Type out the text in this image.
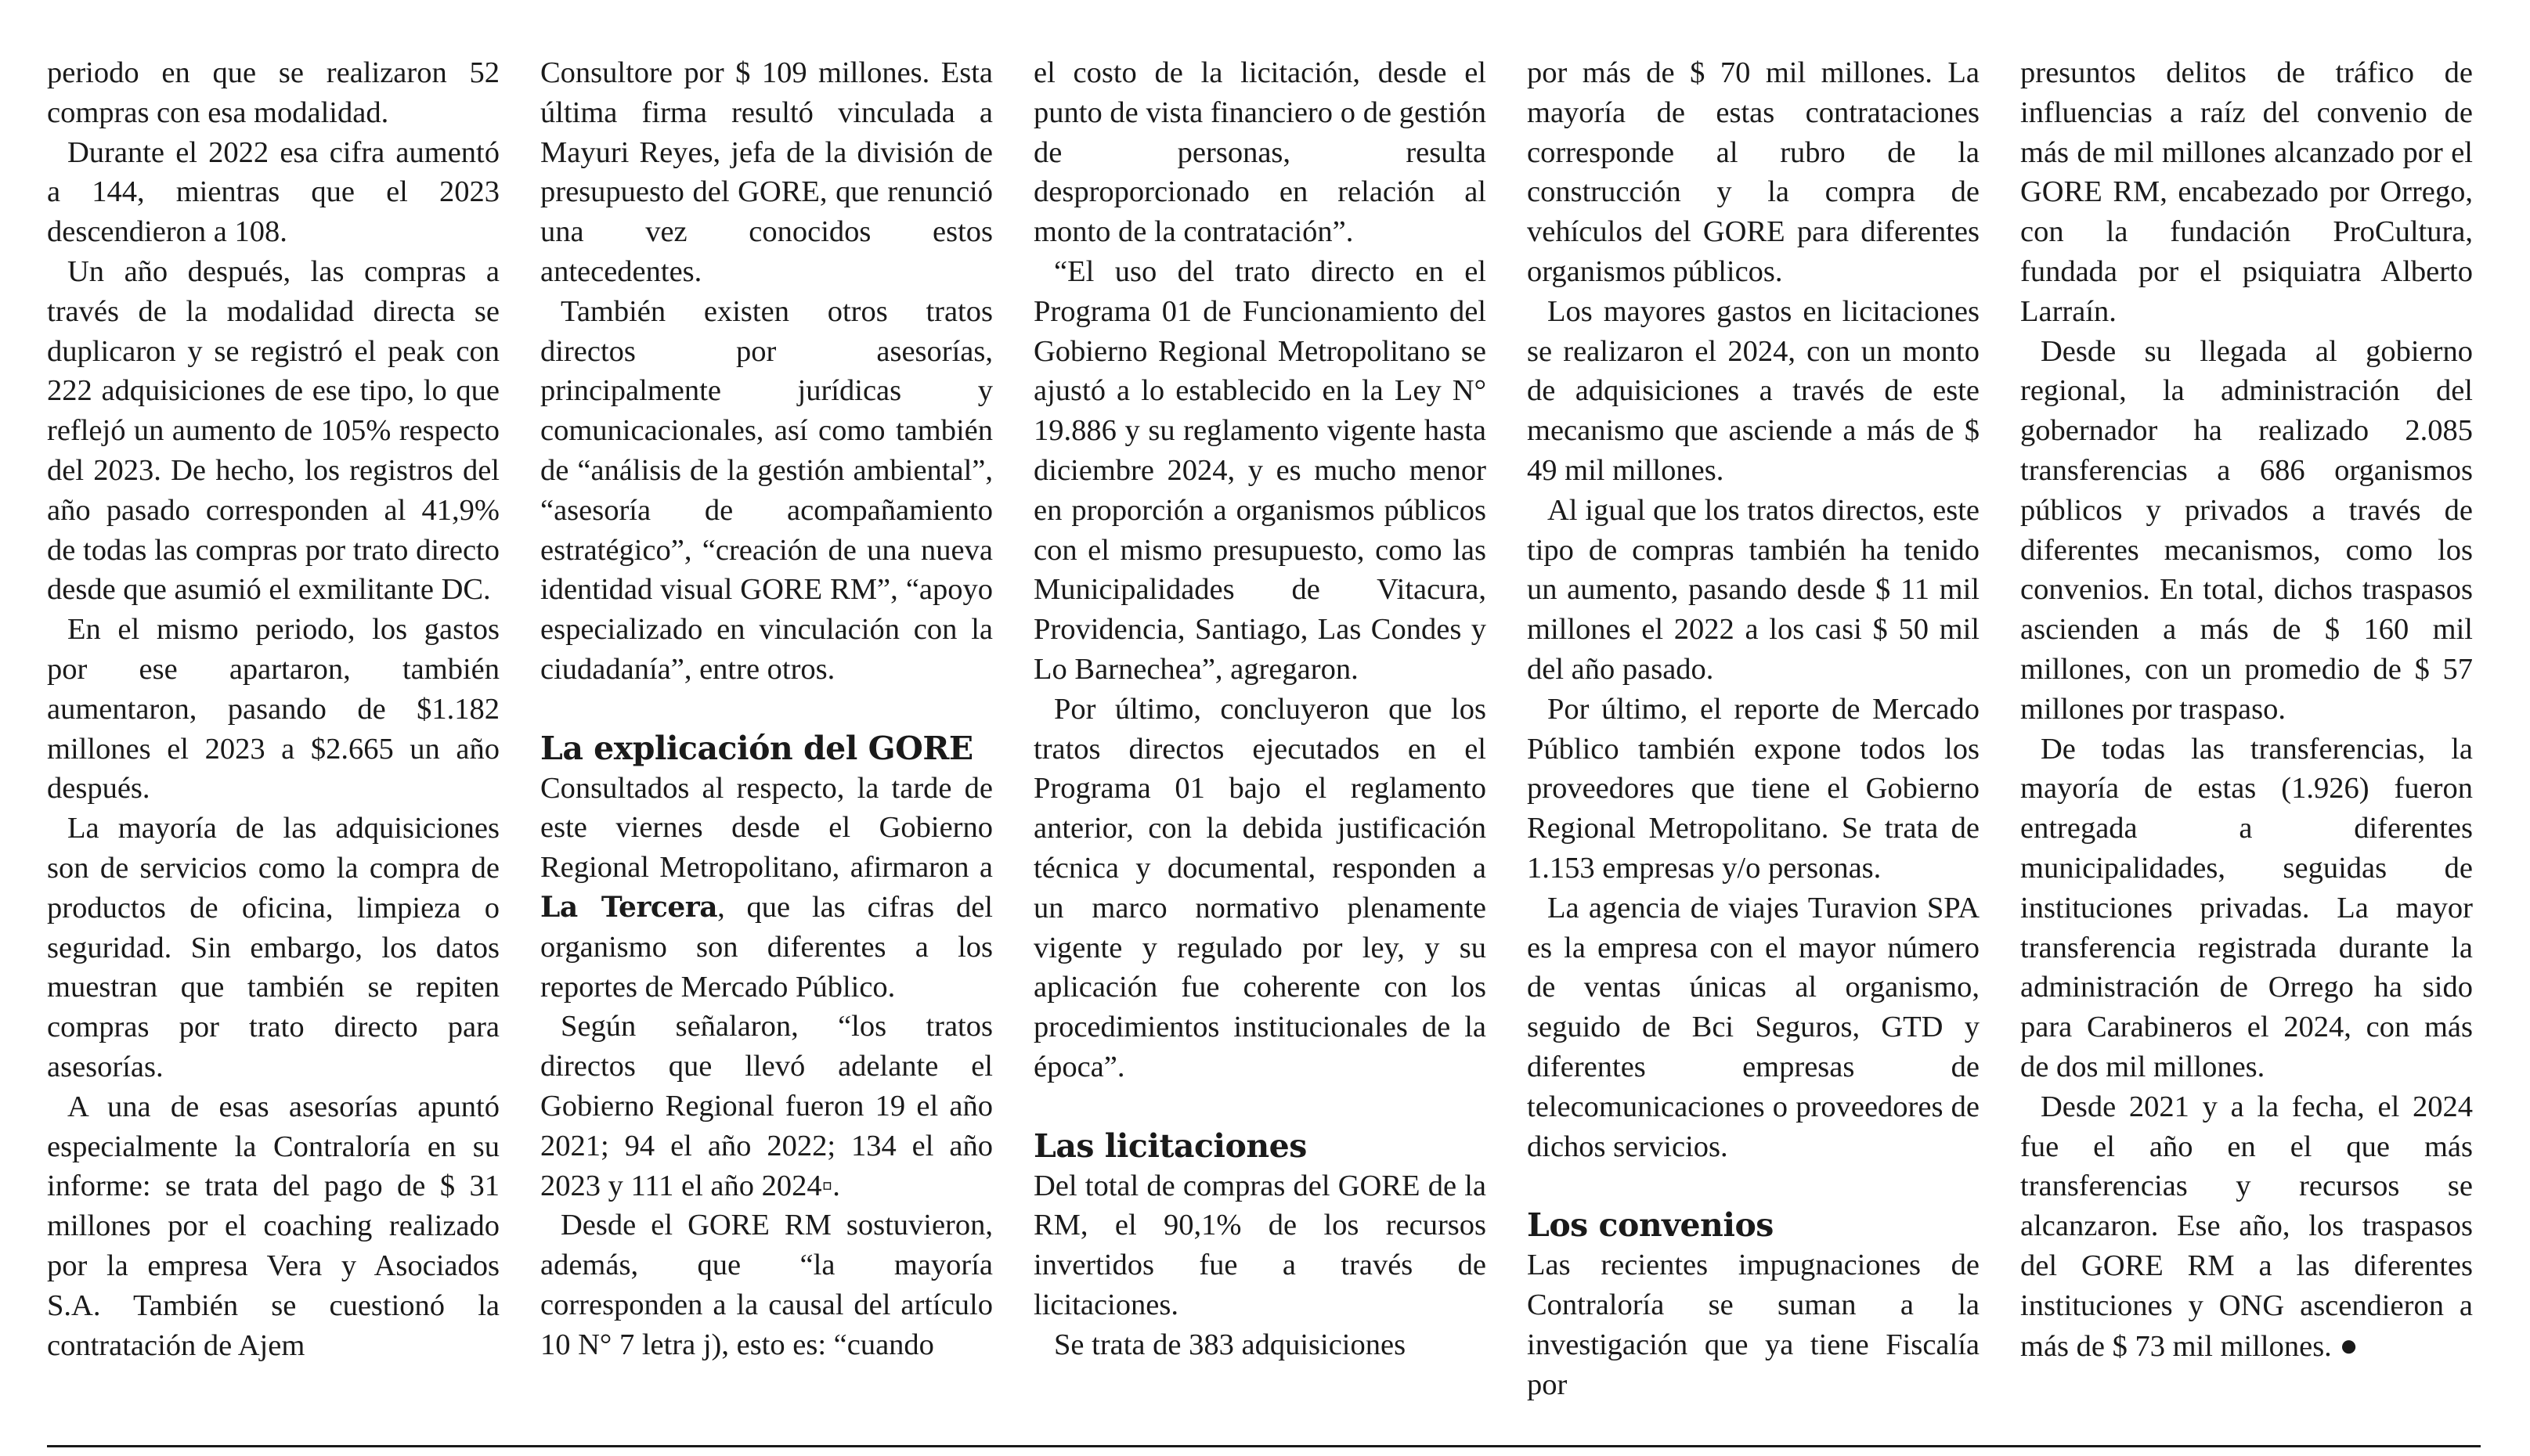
periodo en que se realizaron 52 compras con esa modalidad.

Durante el 2022 esa cifra aumentó a 144, mientras que el 2023 descendieron a 108.

Un año después, las compras a través de la modalidad directa se duplicaron y se registró el peak con 222 adquisiciones de ese tipo, lo que reflejó un aumento de 105% respecto del 2023. De hecho, los registros del año pasado corresponden al 41,9% de todas las compras por trato directo desde que asumió el exmilitante DC.

En el mismo periodo, los gastos por ese apartaron, también aumentaron, pasando de $1.182 millones el 2023 a $2.665 un año después.

La mayoría de las adquisiciones son de servicios como la compra de productos de oficina, limpieza o seguridad. Sin embargo, los datos muestran que también se repiten compras por trato directo para asesorías.

A una de esas asesorías apuntó especialmente la Contraloría en su informe: se trata del pago de $ 31 millones por el coaching realizado por la empresa Vera y Asociados S.A. También se cuestionó la contratación de Ajem

Consultore por $ 109 millones. Esta última firma resultó vinculada a Mayuri Reyes, jefa de la división de presupuesto del GORE, que renunció una vez conocidos estos antecedentes.

También existen otros tratos directos por asesorías, principalmente jurídicas y comunicacionales, así como también de “análisis de la gestión ambiental”, “asesoría de acompañamiento estratégico”, “creación de una nueva identidad visual GORE RM”, “apoyo especializado en vinculación con la ciudadanía”, entre otros.

La explicación del GORE

Consultados al respecto, la tarde de este viernes desde el Gobierno Regional Metropolitano, afirmaron a La Tercera, que las cifras del organismo son diferentes a los reportes de Mercado Público.

Según señalaron, “los tratos directos que llevó adelante el Gobierno Regional fueron 19 el año 2021; 94 el año 2022; 134 el año 2023 y 111 el año 2024▫.

Desde el GORE RM sostuvieron, además, que “la mayoría corresponden a la causal del artículo 10 N° 7 letra j), esto es: “cuando

el costo de la licitación, desde el punto de vista financiero o de gestión de personas, resulta desproporcionado en relación al monto de la contratación”.

“El uso del trato directo en el Programa 01 de Funcionamiento del Gobierno Regional Metropolitano se ajustó a lo establecido en la Ley N° 19.886 y su reglamento vigente hasta diciembre 2024, y es mucho menor en proporción a organismos públicos con el mismo presupuesto, como las Municipalidades de Vitacura, Providencia, Santiago, Las Condes y Lo Barnechea”, agregaron.

Por último, concluyeron que los tratos directos ejecutados en el Programa 01 bajo el reglamento anterior, con la debida justificación técnica y documental, responden a un marco normativo plenamente vigente y regulado por ley, y su aplicación fue coherente con los procedimientos institucionales de la época”.

Las licitaciones

Del total de compras del GORE de la RM, el 90,1% de los recursos invertidos fue a través de licitaciones.

Se trata de 383 adquisiciones

por más de $ 70 mil millones. La mayoría de estas contrataciones corresponde al rubro de la construcción y la compra de vehículos del GORE para diferentes organismos públicos.

Los mayores gastos en licitaciones se realizaron el 2024, con un monto de adquisiciones a través de este mecanismo que asciende a más de $ 49 mil millones.

Al igual que los tratos directos, este tipo de compras también ha tenido un aumento, pasando desde $ 11 mil millones el 2022 a los casi $ 50 mil del año pasado.

Por último, el reporte de Mercado Público también expone todos los proveedores que tiene el Gobierno Regional Metropolitano. Se trata de 1.153 empresas y/o personas.

La agencia de viajes Turavion SPA es la empresa con el mayor número de ventas únicas al organismo, seguido de Bci Seguros, GTD y diferentes empresas de telecomunicaciones o proveedores de dichos servicios.

Los convenios

Las recientes impugnaciones de Contraloría se suman a la investigación que ya tiene Fiscalía por

presuntos delitos de tráfico de influencias a raíz del convenio de más de mil millones alcanzado por el GORE RM, encabezado por Orrego, con la fundación ProCultura, fundada por el psiquiatra Alberto Larraín.

Desde su llegada al gobierno regional, la administración del gobernador ha realizado 2.085 transferencias a 686 organismos públicos y privados a través de diferentes mecanismos, como los convenios. En total, dichos traspasos ascienden a más de $ 160 mil millones, con un promedio de $ 57 millones por traspaso.

De todas las transferencias, la mayoría de estas (1.926) fueron entregada a diferentes municipalidades, seguidas de instituciones privadas. La mayor transferencia registrada durante la administración de Orrego ha sido para Carabineros el 2024, con más de dos mil millones.

Desde 2021 y a la fecha, el 2024 fue el año en el que más transferencias y recursos se alcanzaron. Ese año, los traspasos del GORE RM a las diferentes instituciones y ONG ascendieron a más de $ 73 mil millones. ●
